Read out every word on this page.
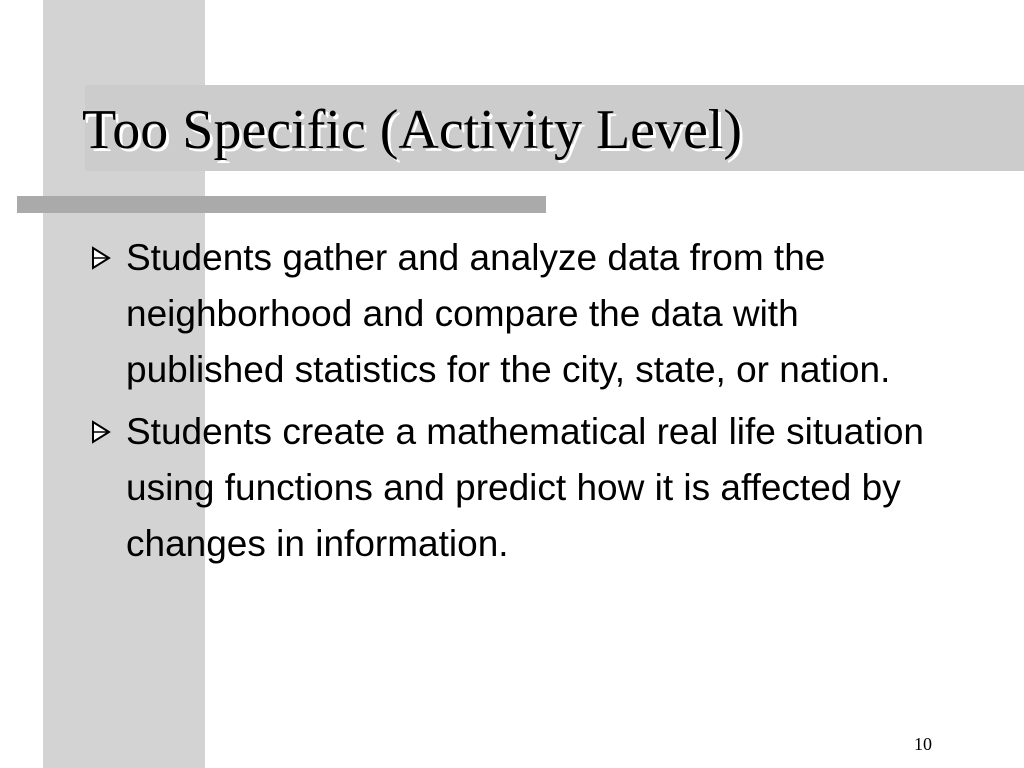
Too Specific (Activity Level)
Students gather and analyze data from the neighborhood and compare the data with published statistics for the city, state, or nation.
Students create a mathematical real life situation using functions and predict how it is affected by changes in information.
10
